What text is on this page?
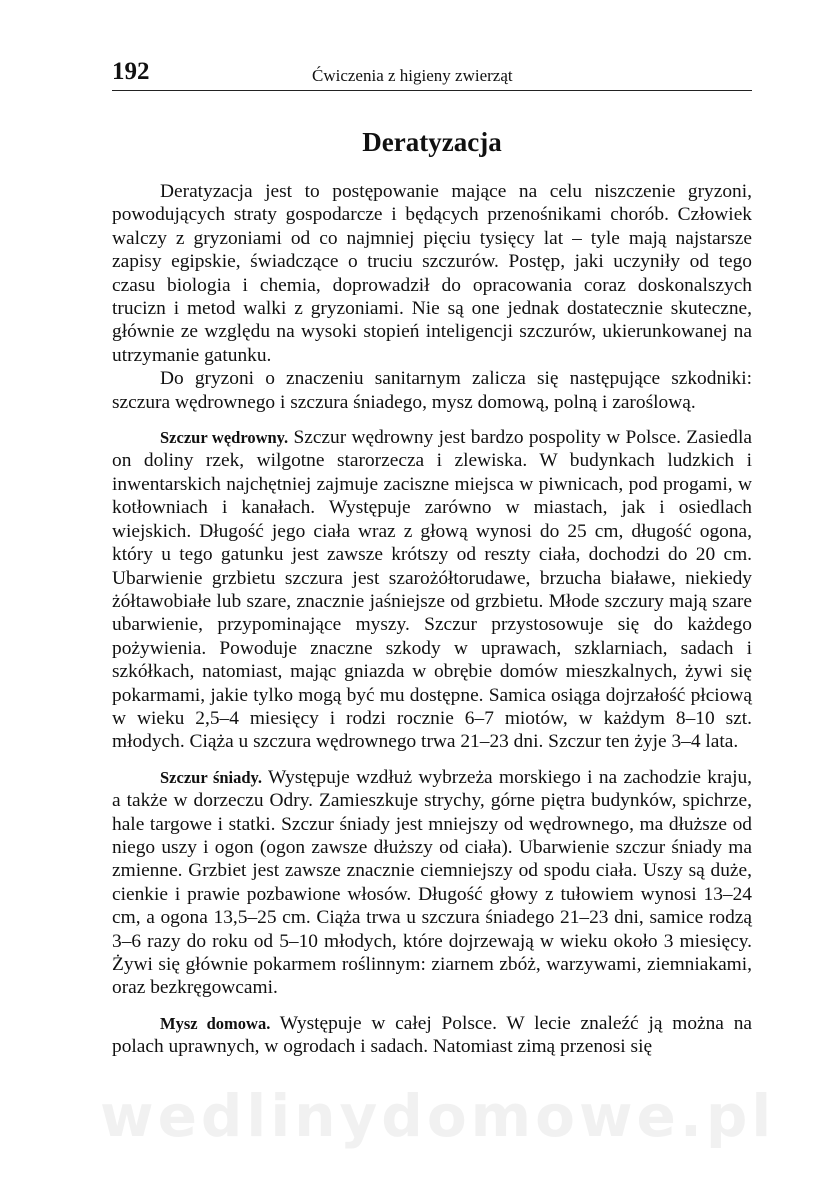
192	Ćwiczenia z higieny zwierząt
Deratyzacja

Deratyzacja jest to postępowanie mające na celu niszczenie gryzoni, powodujących straty gospodarcze i będących przenośnikami chorób. Człowiek walczy z gryzoniami od co najmniej pięciu tysięcy lat – tyle mają najstarsze zapisy egipskie, świadczące o truciu szczurów. Postęp, jaki uczyniły od tego czasu biologia i chemia, doprowadził do opracowania coraz doskonalszych trucizn i metod walki z gryzoniami. Nie są one jednak dostatecznie skuteczne, głównie ze względu na wysoki stopień inteligencji szczurów, ukierunkowanej na utrzymanie gatunku.

Do gryzoni o znaczeniu sanitarnym zalicza się następujące szkodniki: szczura wędrownego i szczura śniadego, mysz domową, polną i zaroślową.

Szczur wędrowny. Szczur wędrowny jest bardzo pospolity w Polsce. Zasiedla on doliny rzek, wilgotne starorzecza i zlewiska. W budynkach ludzkich i inwentarskich najchętniej zajmuje zaciszne miejsca w piwnicach, pod progami, w kotłowniach i kanałach. Występuje zarówno w miastach, jak i osiedlach wiejskich. Długość jego ciała wraz z głową wynosi do 25 cm, długość ogona, który u tego gatunku jest zawsze krótszy od reszty ciała, dochodzi do 20 cm. Ubarwienie grzbietu szczura jest szarożółtorudawe, brzucha białawe, niekiedy żółtawobiałe lub szare, znacznie jaśniejsze od grzbietu. Młode szczury mają szare ubarwienie, przypominające myszy. Szczur przystosowuje się do każdego pożywienia. Powoduje znaczne szkody w uprawach, szklarniach, sadach i szkółkach, natomiast, mając gniazda w obrębie domów mieszkalnych, żywi się pokarmami, jakie tylko mogą być mu dostępne. Samica osiąga dojrzałość płciową w wieku 2,5–4 miesięcy i rodzi rocznie 6–7 miotów, w każdym 8–10 szt. młodych. Ciąża u szczura wędrownego trwa 21–23 dni. Szczur ten żyje 3–4 lata.

Szczur śniady. Występuje wzdłuż wybrzeża morskiego i na zachodzie kraju, a także w dorzeczu Odry. Zamieszkuje strychy, górne piętra budynków, spichrze, hale targowe i statki. Szczur śniady jest mniejszy od wędrownego, ma dłuższe od niego uszy i ogon (ogon zawsze dłuższy od ciała). Ubarwienie szczur śniady ma zmienne. Grzbiet jest zawsze znacznie ciemniejszy od spodu ciała. Uszy są duże, cienkie i prawie pozbawione włosów. Długość głowy z tułowiem wynosi 13–24 cm, a ogona 13,5–25 cm. Ciąża trwa u szczura śniadego 21–23 dni, samice rodzą 3–6 razy do roku od 5–10 młodych, które dojrzewają w wieku około 3 miesięcy. Żywi się głównie pokarmem roślinnym: ziarnem zbóż, warzywami, ziemniakami, oraz bezkręgowcami.

Mysz domowa. Występuje w całej Polsce. W lecie znaleźć ją można na polach uprawnych, w ogrodach i sadach. Natomiast zimą przenosi się

wedlinydomowe.pl
